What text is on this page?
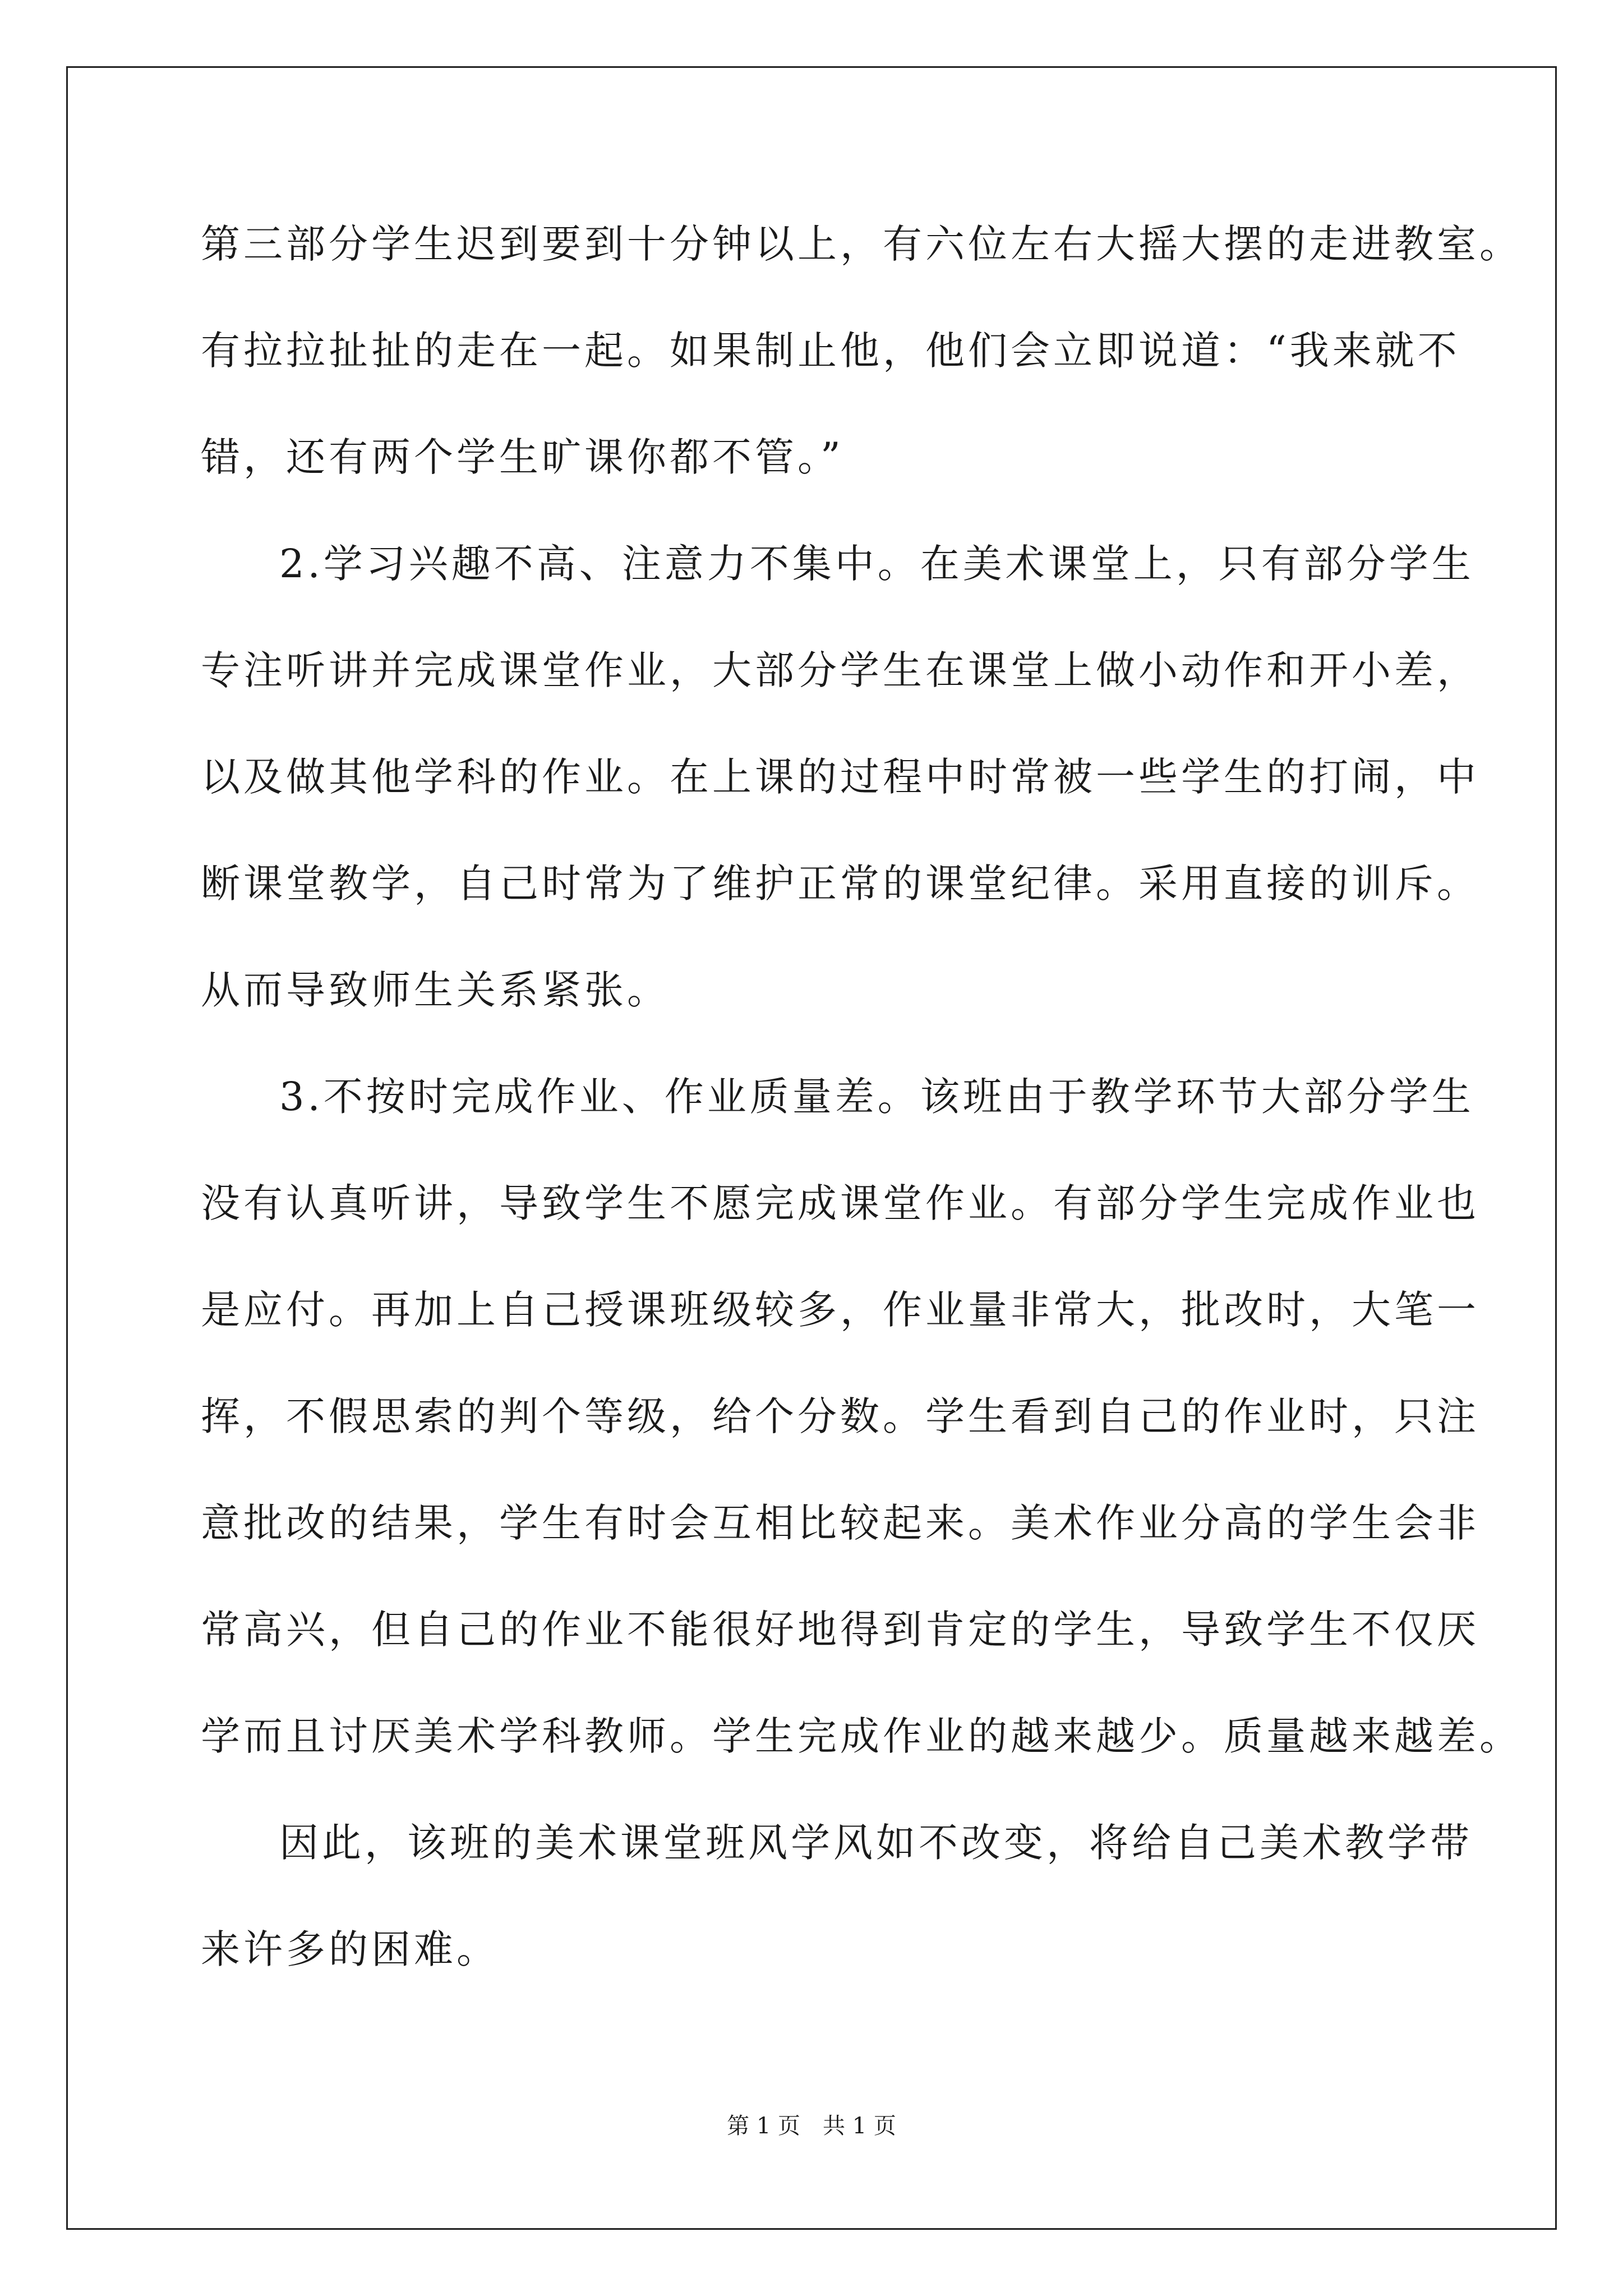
第三部分学生迟到要到十分钟以上，有六位左右大摇大摆的走进教室。
有拉拉扯扯的走在一起。如果制止他，他们会立即说道：“我来就不
错，还有两个学生旷课你都不管。”
2.学习兴趣不高、注意力不集中。在美术课堂上，只有部分学生
专注听讲并完成课堂作业，大部分学生在课堂上做小动作和开小差，
以及做其他学科的作业。在上课的过程中时常被一些学生的打闹，中
断课堂教学，自己时常为了维护正常的课堂纪律。采用直接的训斥。
从而导致师生关系紧张。
3.不按时完成作业、作业质量差。该班由于教学环节大部分学生
没有认真听讲，导致学生不愿完成课堂作业。有部分学生完成作业也
是应付。再加上自己授课班级较多，作业量非常大，批改时，大笔一
挥，不假思索的判个等级，给个分数。学生看到自己的作业时，只注
意批改的结果，学生有时会互相比较起来。美术作业分高的学生会非
常高兴，但自己的作业不能很好地得到肯定的学生，导致学生不仅厌
学而且讨厌美术学科教师。学生完成作业的越来越少。质量越来越差。
因此，该班的美术课堂班风学风如不改变，将给自己美术教学带
来许多的困难。
第 1 页　共 1 页
